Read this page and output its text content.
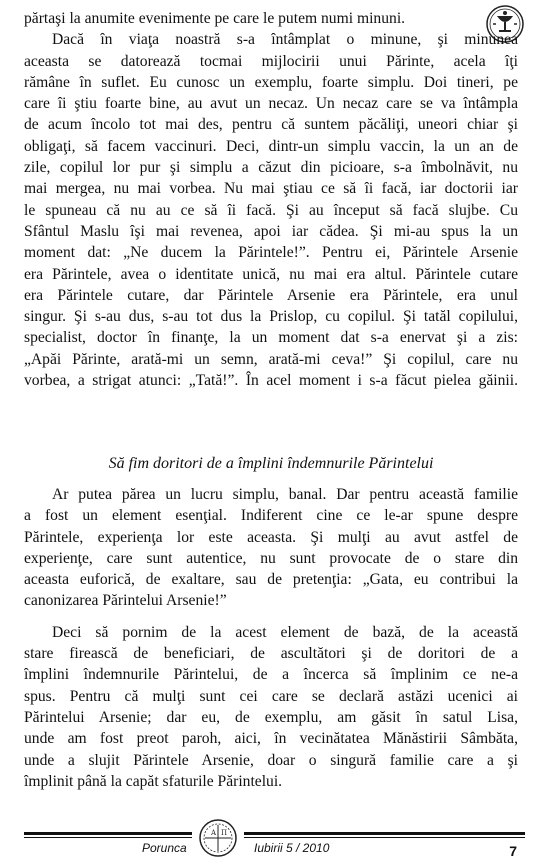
părtaşi la anumite evenimente pe care le putem numi minuni.
Dacă în viaţa noastră s-a întâmplat o minune, şi minunea
aceasta se datorează tocmai mijlocirii unui Părinte, acela îţi
rămâne în suflet. Eu cunosc un exemplu, foarte simplu. Doi tineri, pe
care îi ştiu foarte bine, au avut un necaz. Un necaz care se va întâmpla
de acum încolo tot mai des, pentru că suntem păcăliţi, uneori chiar şi
obligaţi, să facem vaccinuri. Deci, dintr-un simplu vaccin, la un an de
zile, copilul lor pur şi simplu a căzut din picioare, s-a îmbolnăvit, nu
mai mergea, nu mai vorbea. Nu mai ştiau ce să îi facă, iar doctorii iar
le spuneau că nu au ce să îi facă. Şi au început să facă slujbe. Cu
Sfântul Maslu îşi mai revenea, apoi iar cădea. Şi mi-au spus la un
moment dat: „Ne ducem la Părintele!”. Pentru ei, Părintele Arsenie
era Părintele, avea o identitate unică, nu mai era altul. Părintele cutare
era Părintele cutare, dar Părintele Arsenie era Părintele, era unul
singur. Şi s-au dus, s-au tot dus la Prislop, cu copilul. Şi tatăl copilului,
specialist, doctor în finanţe, la un moment dat s-a enervat şi a zis:
„Apăi Părinte, arată-mi un semn, arată-mi ceva!” Şi copilul, care nu
vorbea, a strigat atunci: „Tată!”. În acel moment i s-a făcut pielea găinii.
Să fim doritori de a împlini îndemnurile Părintelui
Ar putea părea un lucru simplu, banal. Dar pentru această familie
a fost un element esenţial. Indiferent cine ce le-ar spune despre
Părintele, experienţa lor este aceasta. Şi mulţi au avut astfel de
experienţe, care sunt autentice, nu sunt provocate de o stare din
aceasta euforică, de exaltare, sau de pretenţia: „Gata, eu contribui la
canonizarea Părintelui Arsenie!”
Deci să pornim de la acest element de bază, de la această
stare firească de beneficiari, de ascultători şi de doritori de a
împlini îndemnurile Părintelui, de a încerca să împlinim ce ne-a
spus. Pentru că mulţi sunt cei care se declară astăzi ucenici ai
Părintelui Arsenie; dar eu, de exemplu, am găsit în satul Lisa,
unde am fost preot paroh, aici, în vecinătatea Mănăstirii Sâmbăta,
unde a slujit Părintele Arsenie, doar o singură familie care a şi
împlinit până la capăt sfaturile Părintelui.
Porunca
A Π
Iubirii 5 / 2010	7
